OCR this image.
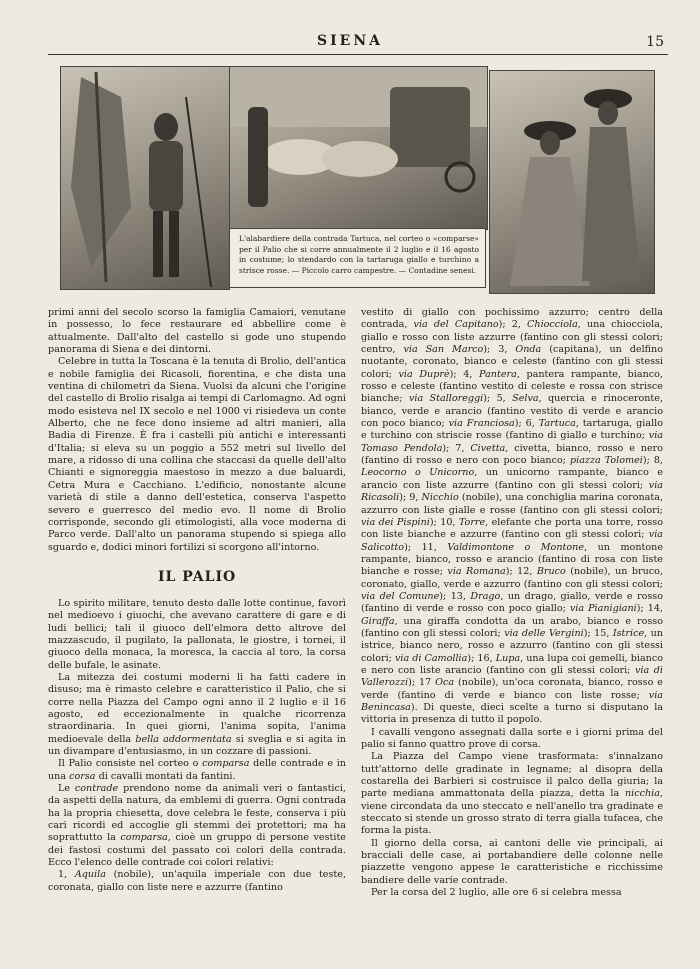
SIENA	15
L'alabardiere della contrada Tartuca, nel corteo o «comparse» per il Palio che si corre annualmente il 2 luglio e il 16 agosto in costume; lo stendardo con la tartaruga giallo e turchino a strisce rosse. — Piccolo carro campestre. — Contadine senesi.

primi anni del secolo scorso la famiglia Camaiori, venutane in possesso, lo fece restaurare ed abbellire come è attualmente. Dall'alto del castello si gode uno stupendo panorama di Siena e dei dintorni.

Celebre in tutta la Toscana è la tenuta di Brolio, dell'antica e nobile famiglia dei Ricasoli, fiorentina, e che dista una ventina di chilometri da Siena. Vuolsi da alcuni che l'origine del castello di Brolio risalga ai tempi di Carlomagno. Ad ogni modo esisteva nel IX secolo e nel 1000 vi risiedeva un conte Alberto, che ne fece dono insieme ad altri manieri, alla Badia di Firenze. È fra i castelli più antichi e interessanti d'Italia; si eleva su un poggio a 552 metri sul livello del mare, a ridosso di una collina che staccasi da quelle dell'alto Chianti e signoreggia maestoso in mezzo a due baluardi, Cetra Mura e Cacchiano. L'edificio, nonostante alcune varietà di stile a danno dell'estetica, conserva l'aspetto severo e guerresco del medio evo. Il nome di Brolio corrisponde, secondo gli etimologisti, alla voce moderna di Parco verde. Dall'alto un panorama stupendo si spiega allo sguardo e, dodici minori fortilizi si scorgono all'intorno.

IL PALIO

Lo spirito militare, tenuto desto dalle lotte continue, favorì nel medioevo i giuochi, che avevano carattere di gare e di ludi bellici; tali il giuoco dell'elmora detto altrove del mazzascudo, il pugilato, la pallonata, le giostre, i tornei, il giuoco della monaca, la moresca, la caccia al toro, la corsa delle bufale, le asinate.

La mitezza dei costumi moderni li ha fatti cadere in disuso; ma è rimasto celebre e caratteristico il Palio, che si corre nella Piazza del Campo ogni anno il 2 luglio e il 16 agosto, ed eccezionalmente in qualche ricorrenza straordinaria. In quei giorni, l'anima sopita, l'anima medioevale della bella addormentata si sveglia e si agita in un divampare d'entusiasmo, in un cozzare di passioni.

Il Palio consiste nel corteo o comparsa delle contrade e in una corsa di cavalli montati da fantini.

Le contrade prendono nome da animali veri o fantastici, da aspetti della natura, da emblemi di guerra. Ogni contrada ha la propria chiesetta, dove celebra le feste, conserva i più cari ricordi ed accoglie gli stemmi dei protettori; ma ha soprattutto la comparsa, cioè un gruppo di persone vestite dei fastosi costumi del passato coi colori della contrada. Ecco l'elenco delle contrade coi colori relativi:

1, Aquila (nobile), un'aquila imperiale con due teste, coronata, giallo con liste nere e azzurre (fantino

vestito di giallo con pochissimo azzurro; centro della contrada, via del Capitano); 2, Chiocciola, una chiocciola, giallo e rosso con liste azzurre (fantino con gli stessi colori; centro, via San Marco); 3, Onda (capitana), un delfino nuotante, coronato, bianco e celeste (fantino con gli stessi colori; via Duprè); 4, Pantera, pantera rampante, bianco, rosso e celeste (fantino vestito di celeste e rossa con strisce bianche; via Stalloreggi); 5, Selva, quercia e rinoceronte, bianco, verde e arancio (fantino vestito di verde e arancio con poco bianco; via Franciosa); 6, Tartuca, tartaruga, giallo e turchino con striscie rosse (fantino di giallo e turchino; via Tomaso Pendola); 7, Civetta, civetta, bianco, rosso e nero (fantino di rosso e nero con poco bianco; piazza Tolomei); 8, Leocorno o Unicorno, un unicorno rampante, bianco e arancio con liste azzurre (fantino con gli stessi colori; via Ricasoli); 9, Nicchio (nobile), una conchiglia marina coronata, azzurro con liste gialle e rosse (fantino con gli stessi colori; via dei Pispini); 10, Torre, elefante che porta una torre, rosso con liste bianche e azzurre (fantino con gli stessi colori; via Salicotto); 11, Valdimontone o Montone, un montone rampante, bianco, rosso e arancio (fantino di rosa con liste bianche e rosse; via Romana); 12, Bruco (nobile), un bruco, coronato, giallo, verde e azzurro (fantino con gli stessi colori; via del Comune); 13, Drago, un drago, giallo, verde e rosso (fantino di verde e rosso con poco giallo; via Pianigiani); 14, Giraffa, una giraffa condotta da un arabo, bianco e rosso (fantino con gli stessi colori; via delle Vergini); 15, Istrice, un istrice, bianco nero, rosso e azzurro (fantino con gli stessi colori; via di Camollia); 16, Lupa, una lupa coi gemelli, bianco e nero con liste arancio (fantino con gli stessi colori; via di Vallerozzi); 17 Oca (nobile), un'oca coronata, bianco, rosso e verde (fantino di verde e bianco con liste rosse; via Benincasa). Di queste, dieci scelte a turno si disputano la vittoria in presenza di tutto il popolo.

I cavalli vengono assegnati dalla sorte e i giorni prima del palio si fanno quattro prove di corsa.

La Piazza del Campo viene trasformata: s'innalzano tutt'attorno delle gradinate in legname; al disopra della costarella dei Barbieri si costruisce il palco della giuria; la parte mediana ammattonata della piazza, detta la nicchia, viene circondata da uno steccato e nell'anello tra gradinate e steccato si stende un grosso strato di terra gialla tufacea, che forma la pista.

Il giorno della corsa, ai cantoni delle vie principali, ai bracciali delle case, ai portabandiere delle colonne nelle piazzette vengono appese le caratteristiche e ricchissime bandiere delle varie contrade.

Per la corsa del 2 luglio, alle ore 6 si celebra messa
